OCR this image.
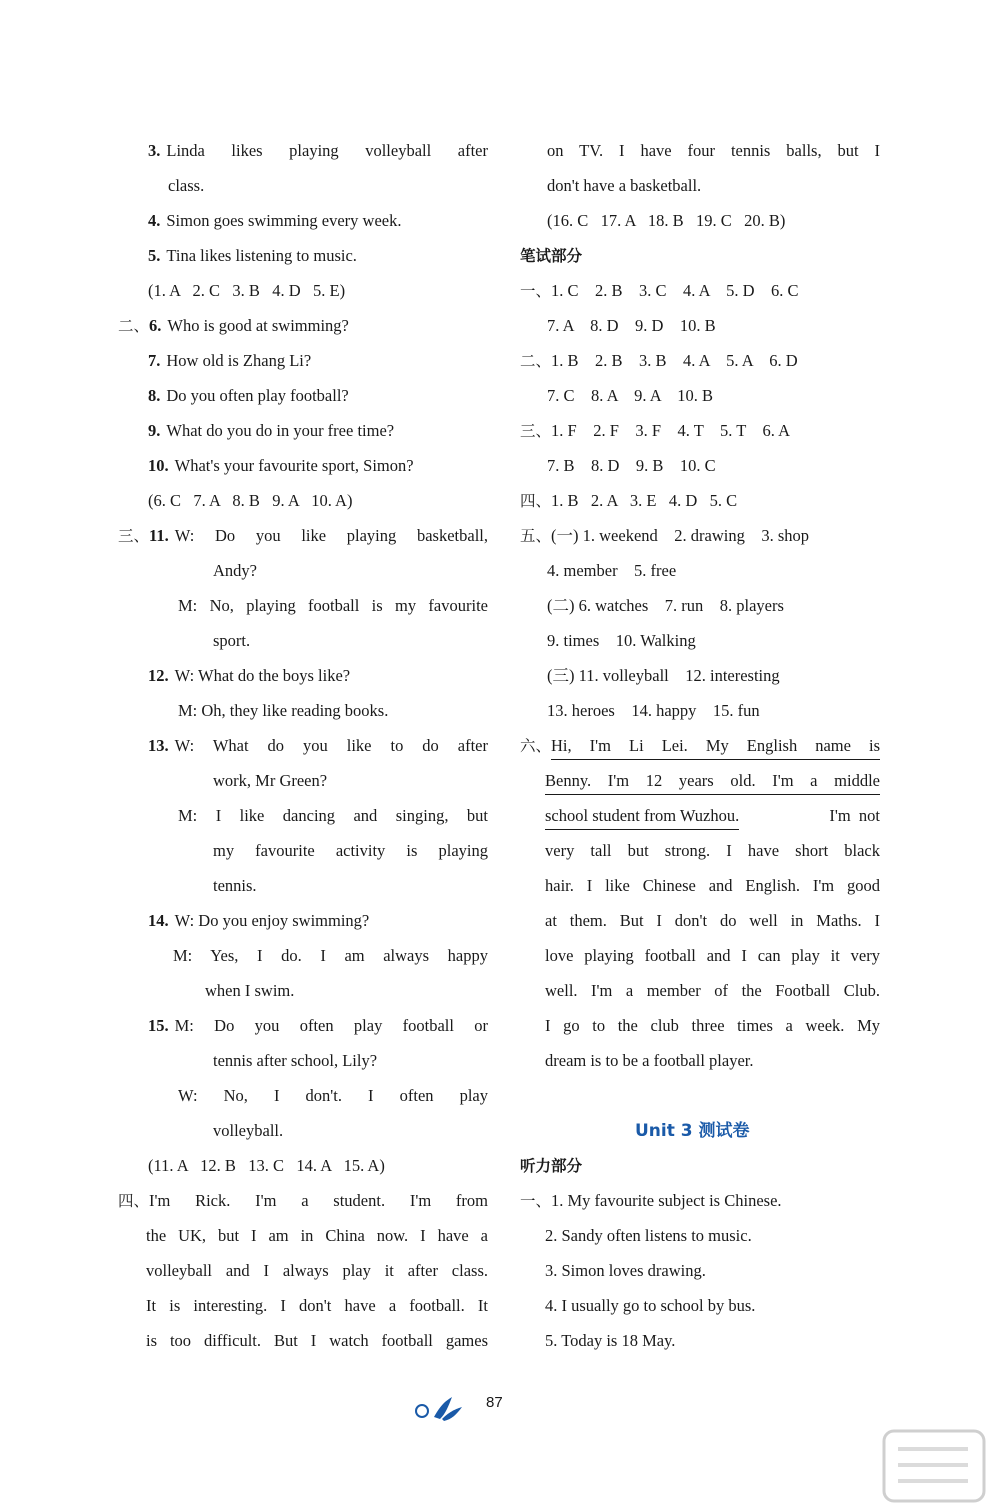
3. Linda likes playing volleyball after
class.
4. Simon goes swimming every week.
5. Tina likes listening to music.
(1. A   2. C   3. B   4. D   5. E)
二、 6. Who is good at swimming?
7. How old is Zhang Li?
8. Do you often play football?
9. What do you do in your free time?
10. What's your favourite sport, Simon?
(6. C   7. A   8. B   9. A   10. A)
三、 11. W: Do you like playing basketball,
Andy?
M: No, playing football is my favourite
sport.
12. W: What do the boys like?
M: Oh, they like reading books.
13. W: What do you like to do after
work, Mr Green?
M: I like dancing and singing, but
my favourite activity is playing
tennis.
14. W: Do you enjoy swimming?
M: Yes, I do. I am always happy
when I swim.
15. M: Do you often play football or
tennis after school, Lily?
W: No, I don't. I often play
volleyball.
(11. A   12. B   13. C   14. A   15. A)
四、 I'm Rick. I'm a student. I'm from
the UK, but I am in China now. I have a
volleyball and I always play it after class.
It is interesting. I don't have a football. It
is too difficult. But I watch football games
on TV. I have four tennis balls, but I
don't have a basketball.
(16. C   17. A   18. B   19. C   20. B)
笔试部分
一、 1. C    2. B    3. C    4. A    5. D    6. C
7. A    8. D    9. D    10. B
二、 1. B    2. B    3. B    4. A    5. A    6. D
7. C    8. A    9. A    10. B
三、 1. F    2. F    3. F    4. T    5. T    6. A
7. B    8. D    9. B    10. C
四、 1. B   2. A   3. E   4. D   5. C
五、 (一) 1. weekend    2. drawing    3. shop
4. member    5. free
(二) 6. watches    7. run    8. players
9. times    10. Walking
(三) 11. volleyball    12. interesting
13. heroes    14. happy    15. fun
六、 Hi, I'm Li Lei. My English name is
Benny. I'm 12 years old. I'm a middle
school student from Wuzhou.	I'm  not
very tall but strong. I have short black
hair. I like Chinese and English. I'm good
at them. But I don't do well in Maths. I
love playing football and I can play it very
well. I'm a member of the Football Club.
I go to the club three times a week. My
dream is to be a football player.
Unit 3 测试卷
听力部分
一、 1. My favourite subject is Chinese.
2. Sandy often listens to music.
3. Simon loves drawing.
4. I usually go to school by bus.
5. Today is 18 May.
87
